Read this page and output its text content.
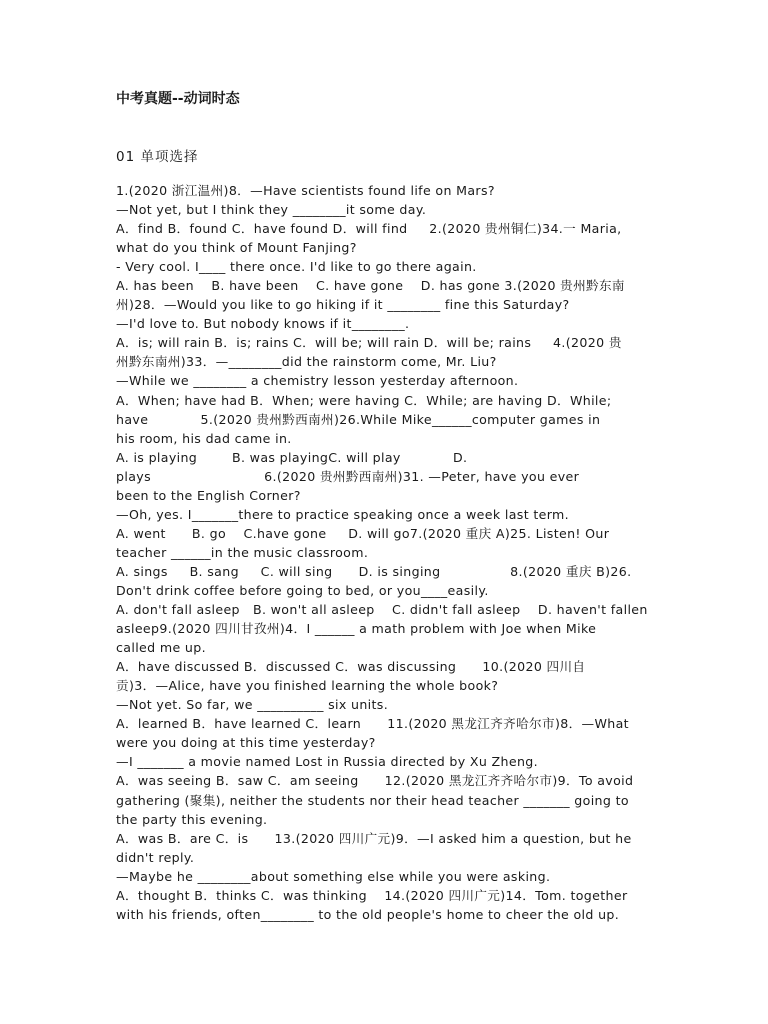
中考真题--动词时态
01 单项选择
1.(2020 浙江温州)8．—Have scientists found life on Mars?
—Not yet, but I think they ________it some day.
A．find B．found C．have found D．will find     2.(2020 贵州铜仁)34.一 Maria,
what do you think of Mount Fanjing?
- Very cool. I____ there once. I'd like to go there again.
A. has been    B. have been    C. have gone    D. has gone 3.(2020 贵州黔东南
州)28．—Would you like to go hiking if it ________ fine this Saturday?
—I'd love to. But nobody knows if it________.
A．is; will rain B．is; rains C．will be; will rain D．will be; rains     4.(2020 贵
州黔东南州)33．—________did the rainstorm come, Mr. Liu?
—While we ________ a chemistry lesson yesterday afternoon.
A．When; have had B．When; were having C．While; are having D．While;
have            5.(2020 贵州黔西南州)26.While Mike______computer games in
his room, his dad came in.
A. is playing        B. was playingC. will play            D.
plays                          6.(2020 贵州黔西南州)31. —Peter, have you ever
been to the English Corner?
—Oh, yes. I_______there to practice speaking once a week last term.
A. went      B. go    C.have gone     D. will go7.(2020 重庆 A)25. Listen! Our
teacher ______in the music classroom.
A. sings     B. sang     C. will sing      D. is singing                8.(2020 重庆 B)26.
Don't drink coffee before going to bed, or you____easily.
A. don't fall asleep   B. won't all asleep    C. didn't fall asleep    D. haven't fallen
asleep9.(2020 四川甘孜州)4．I ______ a math problem with Joe when Mike
called me up.
A．have discussed B．discussed C．was discussing      10.(2020 四川自
贡)3．—Alice, have you finished learning the whole book?
—Not yet. So far, we __________ six units.
A．learned B．have learned C．learn      11.(2020 黑龙江齐齐哈尔市)8．—What
were you doing at this time yesterday?
—I _______ a movie named Lost in Russia directed by Xu Zheng.
A．was seeing B．saw C．am seeing      12.(2020 黑龙江齐齐哈尔市)9．To avoid
gathering (聚集), neither the students nor their head teacher _______ going to
the party this evening.
A．was B．are C．is      13.(2020 四川广元)9．—I asked him a question, but he
didn't reply.
—Maybe he ________about something else while you were asking.
A．thought B．thinks C．was thinking    14.(2020 四川广元)14．Tom. together
with his friends, often________ to the old people's home to cheer the old up.
